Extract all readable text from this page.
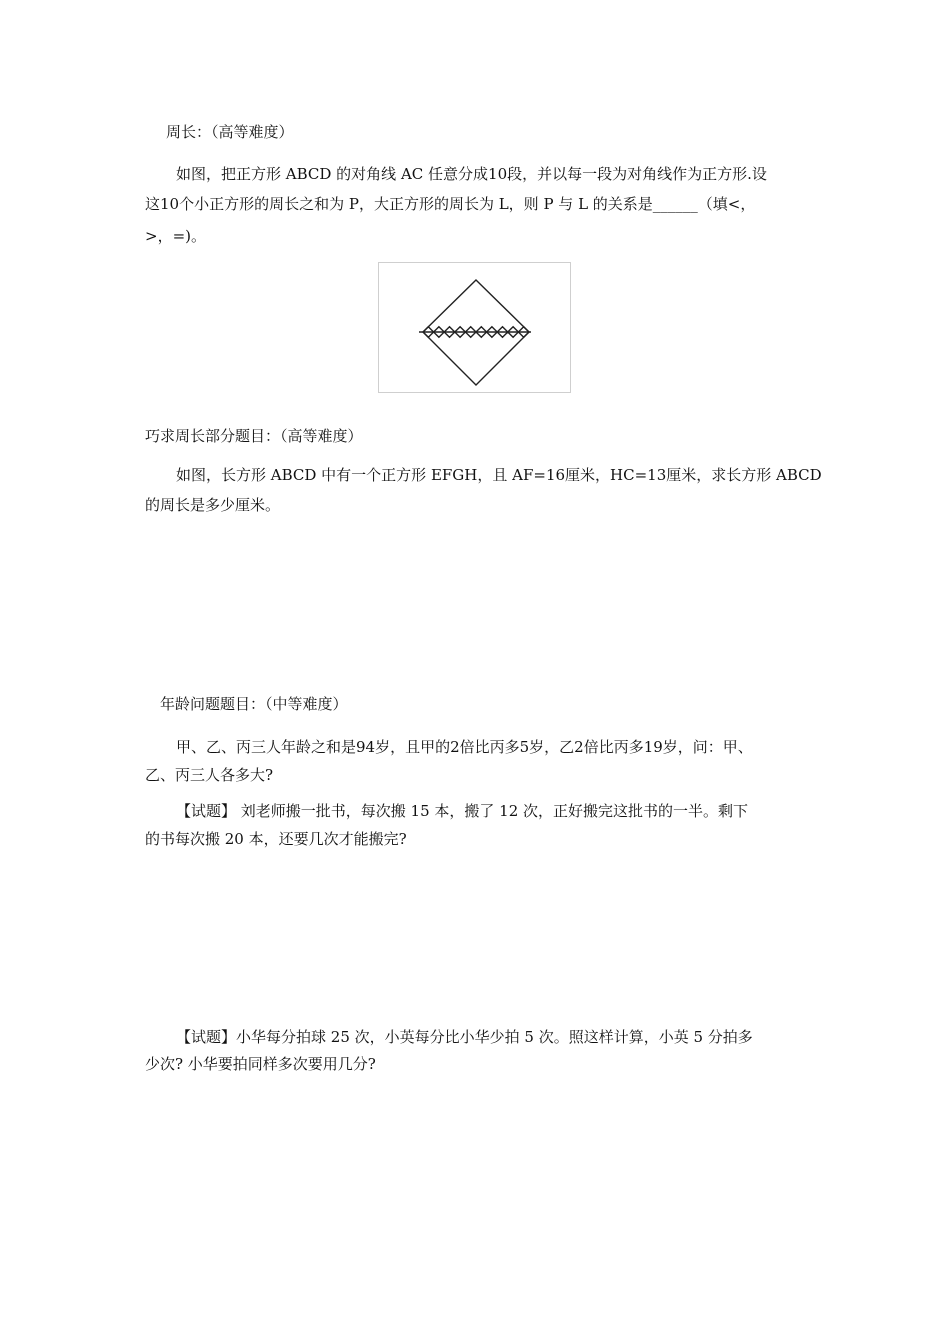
周长：（高等难度）
如图，把正方形 ABCD 的对角线 AC 任意分成10段，并以每一段为对角线作为正方形.设
这10个小正方形的周长之和为 P，大正方形的周长为 L，则 P 与 L 的关系是______（填<，
>，=)。
巧求周长部分题目：（高等难度）
如图，长方形 ABCD 中有一个正方形 EFGH，且 AF=16厘米，HC=13厘米，求长方形 ABCD
的周长是多少厘米。
年龄问题题目：（中等难度）
甲、乙、丙三人年龄之和是94岁，且甲的2倍比丙多5岁，乙2倍比丙多19岁，问：甲、
乙、丙三人各多大?
【试题】 刘老师搬一批书，每次搬 15 本，搬了 12 次，正好搬完这批书的一半。剩下
的书每次搬 20 本，还要几次才能搬完?
【试题】小华每分拍球 25 次，小英每分比小华少拍 5 次。照这样计算，小英 5 分拍多
少次? 小华要拍同样多次要用几分?
